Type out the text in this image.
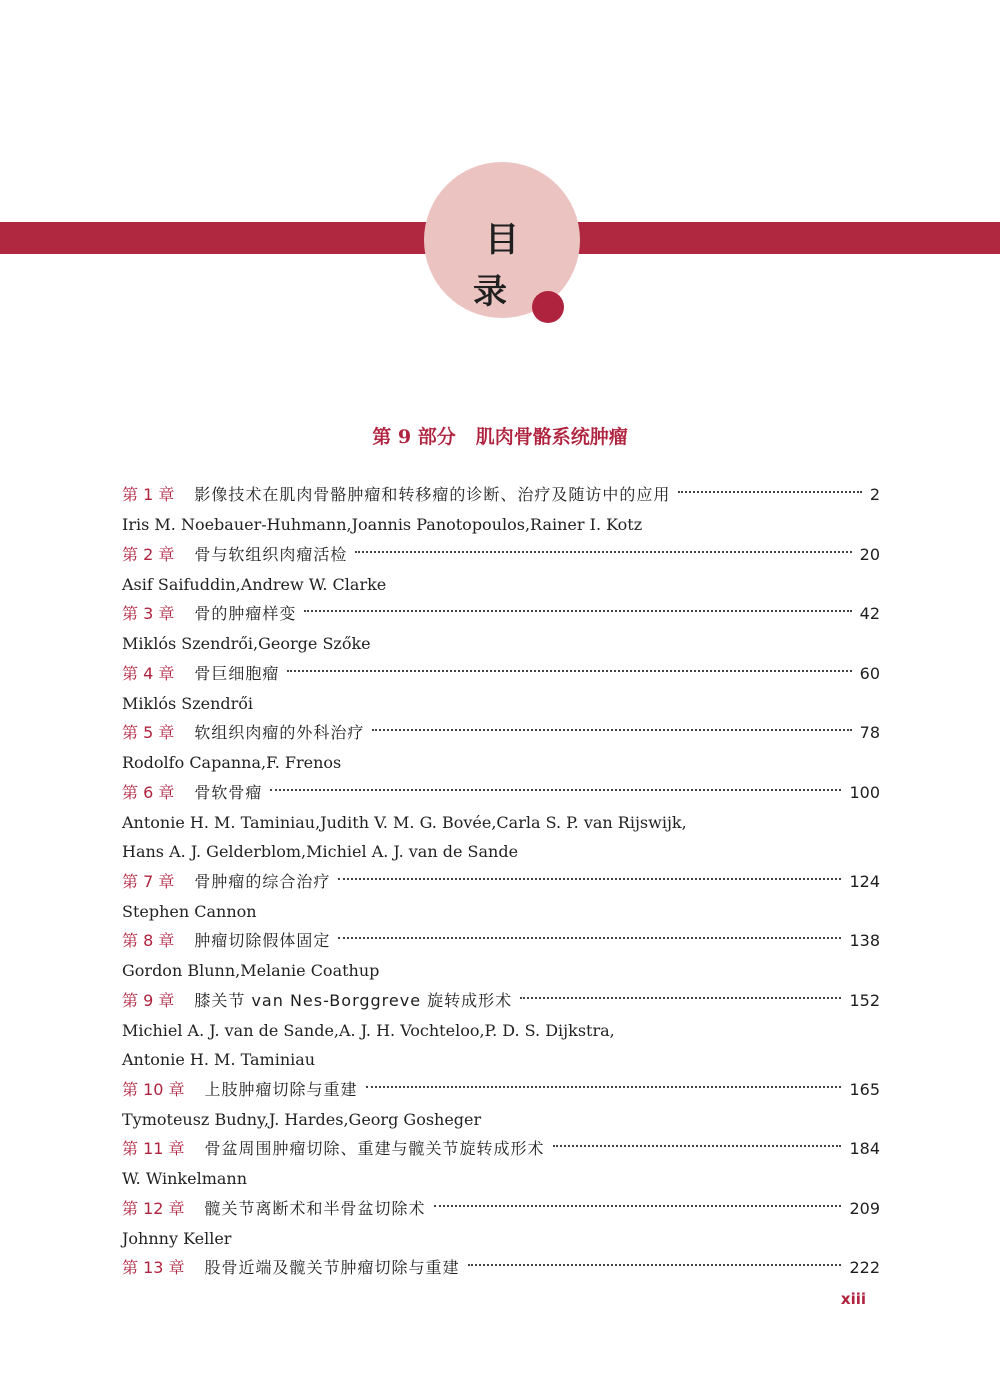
目 录
第 9 部分 肌肉骨骼系统肿瘤
第 1 章 影像技术在肌肉骨骼肿瘤和转移瘤的诊断、治疗及随访中的应用	2
Iris M. Noebauer-Huhmann,Joannis Panotopoulos,Rainer I. Kotz
第 2 章 骨与软组织肉瘤活检	20
Asif Saifuddin,Andrew W. Clarke
第 3 章 骨的肿瘤样变	42
Miklós Szendrői,George Szőke
第 4 章 骨巨细胞瘤	60
Miklós Szendrői
第 5 章 软组织肉瘤的外科治疗	78
Rodolfo Capanna,F. Frenos
第 6 章 骨软骨瘤	100
Antonie H. M. Taminiau,Judith V. M. G. Bovée,Carla S. P. van Rijswijk,
Hans A. J. Gelderblom,Michiel A. J. van de Sande
第 7 章 骨肿瘤的综合治疗	124
Stephen Cannon
第 8 章 肿瘤切除假体固定	138
Gordon Blunn,Melanie Coathup
第 9 章 膝关节 van Nes-Borggreve 旋转成形术	152
Michiel A. J. van de Sande,A. J. H. Vochteloo,P. D. S. Dijkstra,
Antonie H. M. Taminiau
第 10 章 上肢肿瘤切除与重建	165
Tymoteusz Budny,J. Hardes,Georg Gosheger
第 11 章 骨盆周围肿瘤切除、重建与髋关节旋转成形术	184
W. Winkelmann
第 12 章 髋关节离断术和半骨盆切除术	209
Johnny Keller
第 13 章 股骨近端及髋关节肿瘤切除与重建	222
xiii
